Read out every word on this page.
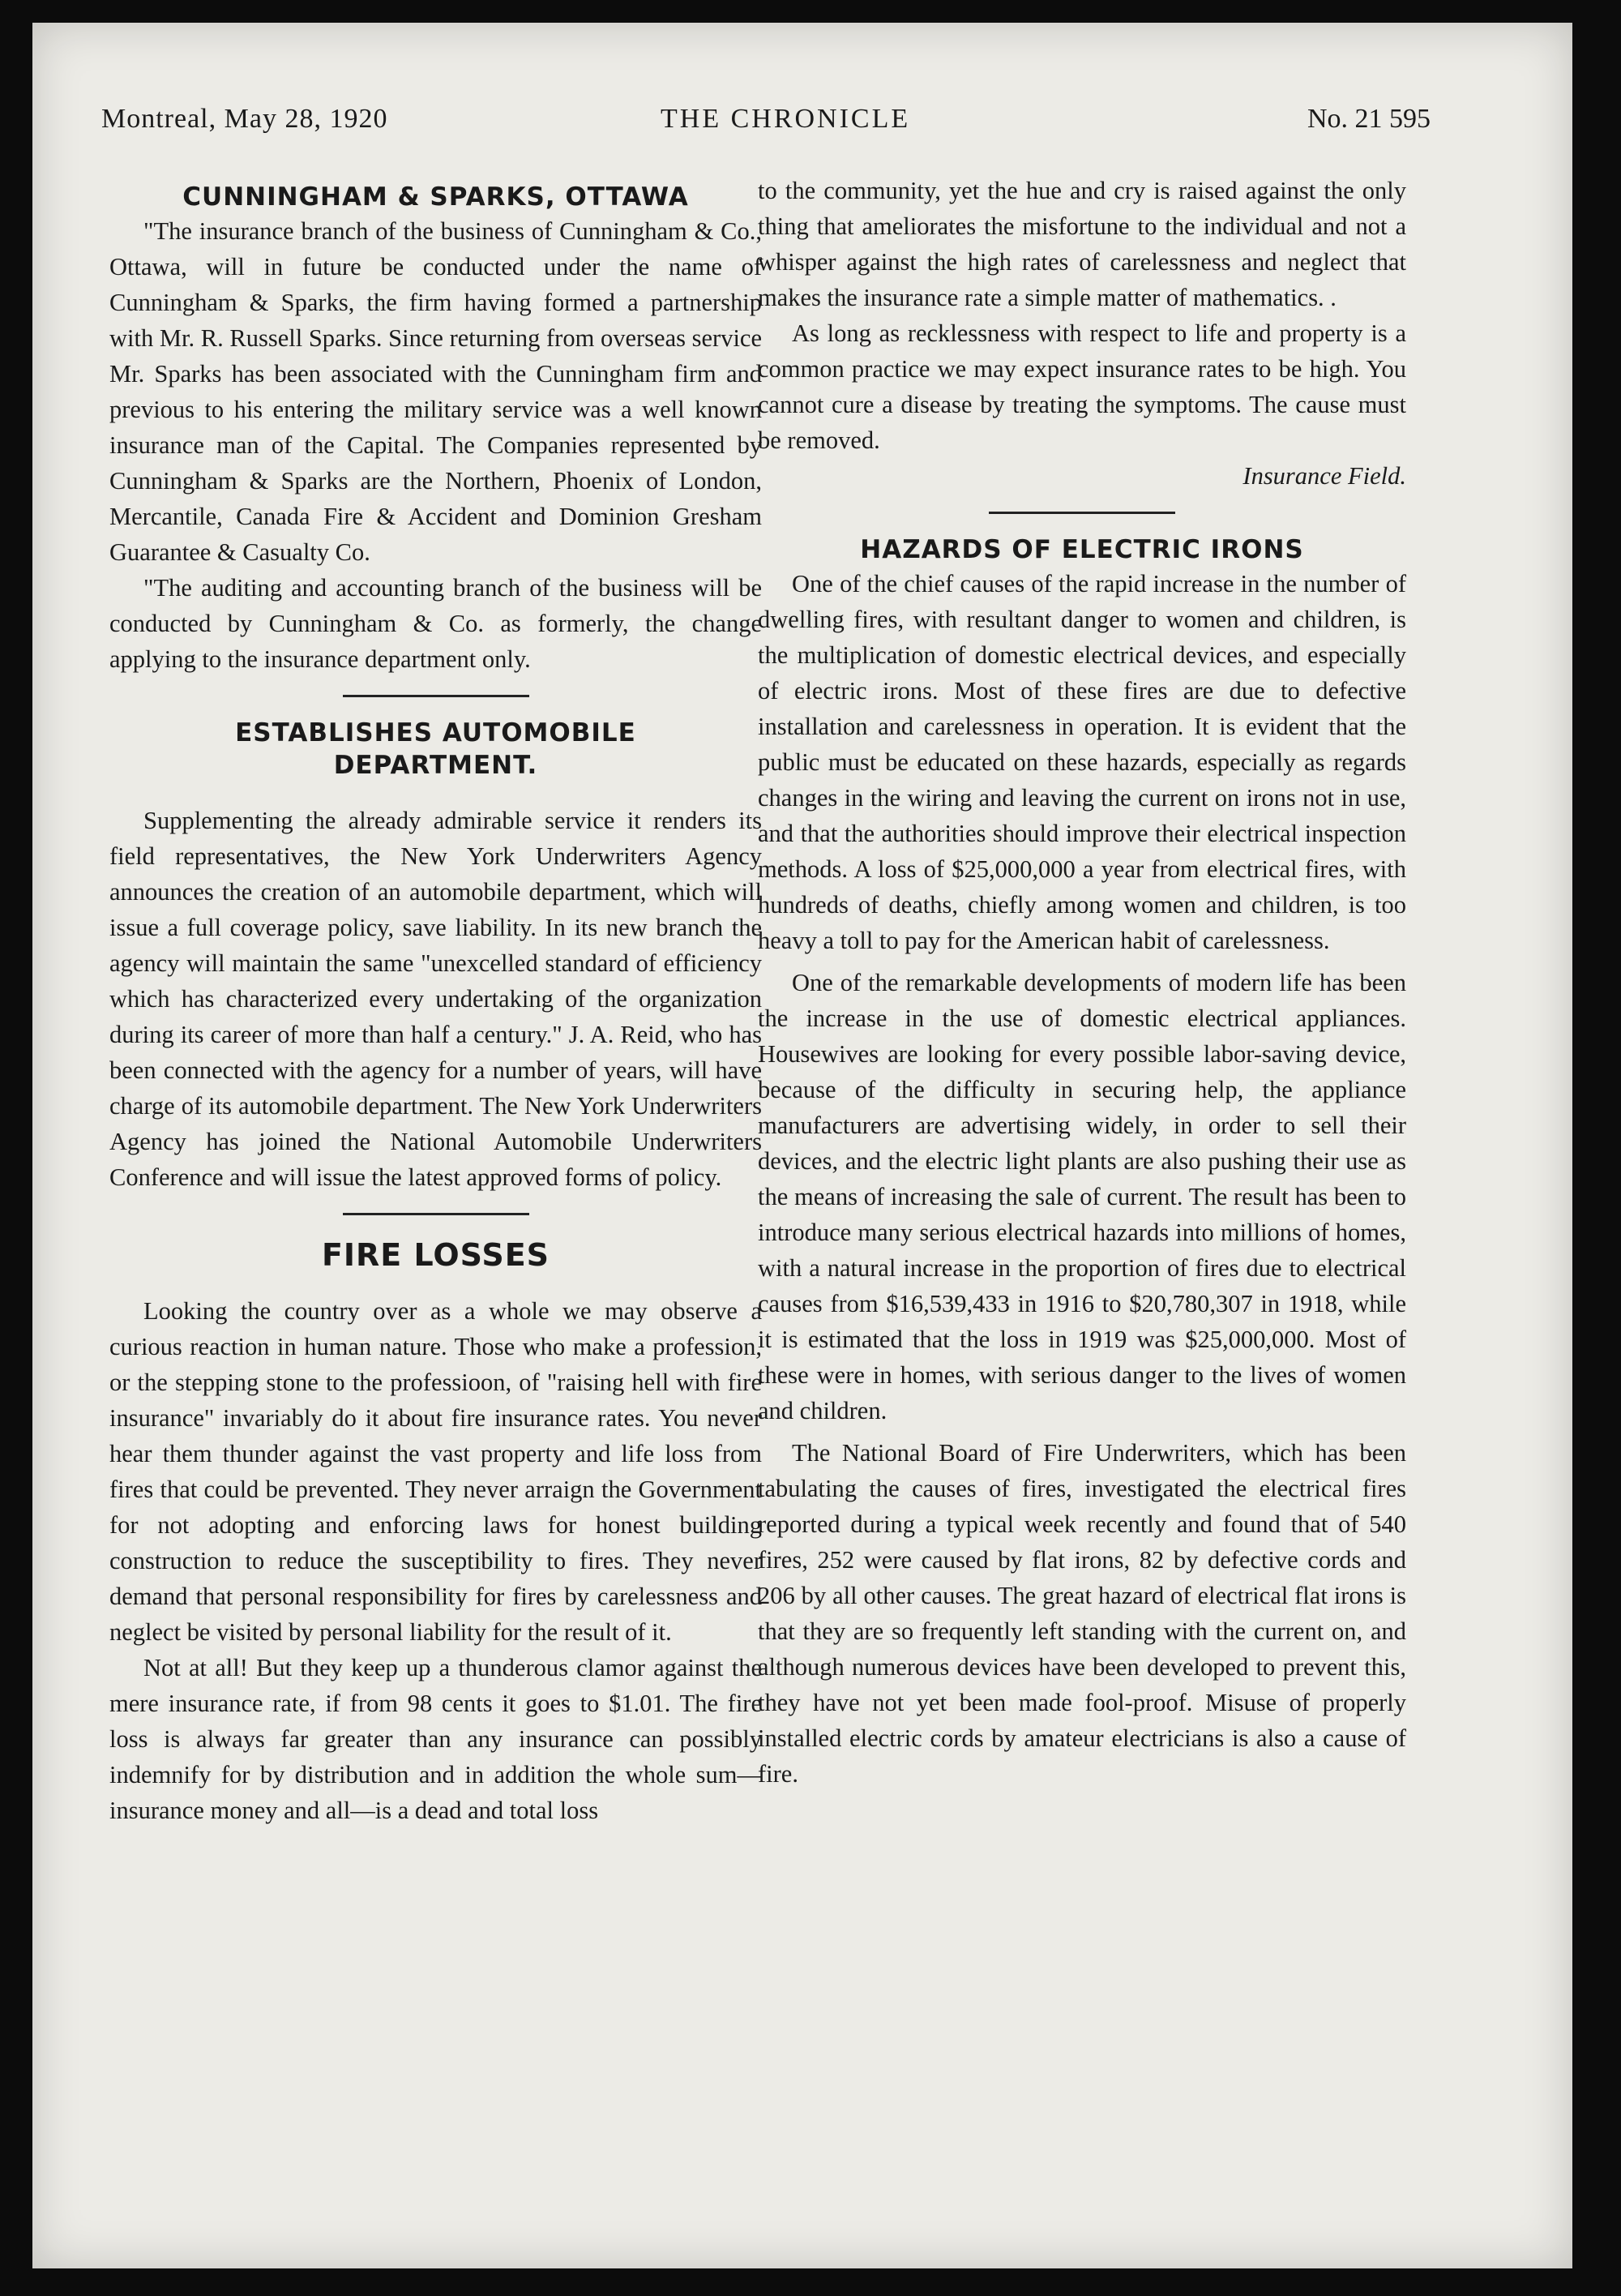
Montreal, May 28, 1920	THE CHRONICLE	No. 21 595
CUNNINGHAM & SPARKS, OTTAWA

"The insurance branch of the business of Cunningham & Co., Ottawa, will in future be conducted under the name of Cunningham & Sparks, the firm having formed a partnership with Mr. R. Russell Sparks. Since returning from overseas service Mr. Sparks has been associated with the Cunningham firm and previous to his entering the military service was a well known insurance man of the Capital. The Companies represented by Cunningham & Sparks are the Northern, Phoenix of London, Mercantile, Canada Fire & Accident and Dominion Gresham Guarantee & Casualty Co.

"The auditing and accounting branch of the business will be conducted by Cunningham & Co. as formerly, the change applying to the insurance department only.

ESTABLISHES AUTOMOBILE
DEPARTMENT.

Supplementing the already admirable service it renders its field representatives, the New York Underwriters Agency announces the creation of an automobile department, which will issue a full coverage policy, save liability. In its new branch the agency will maintain the same "unexcelled standard of efficiency which has characterized every undertaking of the organization during its career of more than half a century." J. A. Reid, who has been connected with the agency for a number of years, will have charge of its automobile department. The New York Underwriters Agency has joined the National Automobile Underwriters Conference and will issue the latest approved forms of policy.

FIRE LOSSES

Looking the country over as a whole we may observe a curious reaction in human nature. Those who make a profession, or the stepping stone to the professioon, of "raising hell with fire insurance" invariably do it about fire insurance rates. You never hear them thunder against the vast property and life loss from fires that could be prevented. They never arraign the Government for not adopting and enforcing laws for honest building construction to reduce the susceptibility to fires. They never demand that personal responsibility for fires by carelessness and neglect be visited by personal liability for the result of it.

Not at all! But they keep up a thunderous clamor against the mere insurance rate, if from 98 cents it goes to $1.01. The fire loss is always far greater than any insurance can possibly indemnify for by distribution and in addition the whole sum—insurance money and all—is a dead and total loss

to the community, yet the hue and cry is raised against the only thing that ameliorates the misfortune to the individual and not a whisper against the high rates of carelessness and neglect that makes the insurance rate a simple matter of mathematics. .

As long as recklessness with respect to life and property is a common practice we may expect insurance rates to be high. You cannot cure a disease by treating the symptoms. The cause must be removed.

Insurance Field.

HAZARDS OF ELECTRIC IRONS

One of the chief causes of the rapid increase in the number of dwelling fires, with resultant danger to women and children, is the multiplication of domestic electrical devices, and especially of electric irons. Most of these fires are due to defective installation and carelessness in operation. It is evident that the public must be educated on these hazards, especially as regards changes in the wiring and leaving the current on irons not in use, and that the authorities should improve their electrical inspection methods. A loss of $25,000,000 a year from electrical fires, with hundreds of deaths, chiefly among women and children, is too heavy a toll to pay for the American habit of carelessness.

One of the remarkable developments of modern life has been the increase in the use of domestic electrical appliances. Housewives are looking for every possible labor-saving device, because of the difficulty in securing help, the appliance manufacturers are advertising widely, in order to sell their devices, and the electric light plants are also pushing their use as the means of increasing the sale of current. The result has been to introduce many serious electrical hazards into millions of homes, with a natural increase in the proportion of fires due to electrical causes from $16,539,433 in 1916 to $20,780,307 in 1918, while it is estimated that the loss in 1919 was $25,000,000. Most of these were in homes, with serious danger to the lives of women and children.

The National Board of Fire Underwriters, which has been tabulating the causes of fires, investigated the electrical fires reported during a typical week recently and found that of 540 fires, 252 were caused by flat irons, 82 by defective cords and 206 by all other causes. The great hazard of electrical flat irons is that they are so frequently left standing with the current on, and although numerous devices have been developed to prevent this, they have not yet been made fool-proof. Misuse of properly installed electric cords by amateur electricians is also a cause of fire.
